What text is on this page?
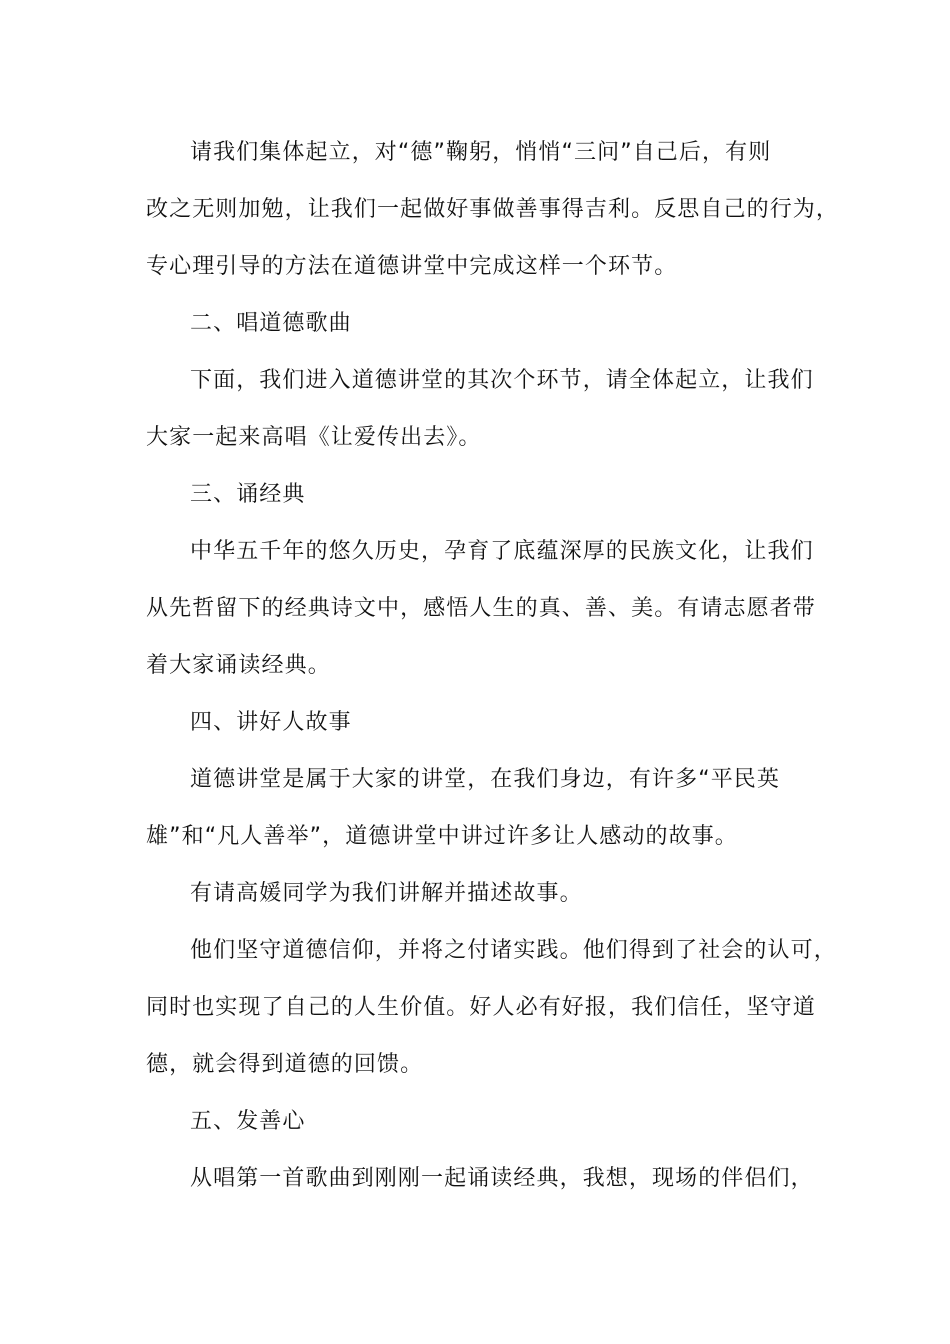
请我们集体起立，对“德”鞠躬，悄悄“三问”自己后，有则
改之无则加勉，让我们一起做好事做善事得吉利。反思自己的行为，
专心理引导的方法在道德讲堂中完成这样一个环节。
二、唱道德歌曲
下面，我们进入道德讲堂的其次个环节，请全体起立，让我们
大家一起来高唱《让爱传出去》。
三、诵经典
中华五千年的悠久历史，孕育了底蕴深厚的民族文化，让我们
从先哲留下的经典诗文中，感悟人生的真、善、美。有请志愿者带
着大家诵读经典。
四、讲好人故事
道德讲堂是属于大家的讲堂，在我们身边，有许多“平民英
雄”和“凡人善举”，道德讲堂中讲过许多让人感动的故事。
有请高媛同学为我们讲解并描述故事。
他们坚守道德信仰，并将之付诸实践。他们得到了社会的认可，
同时也实现了自己的人生价值。好人必有好报，我们信任，坚守道
德，就会得到道德的回馈。
五、发善心
从唱第一首歌曲到刚刚一起诵读经典，我想，现场的伴侣们，
